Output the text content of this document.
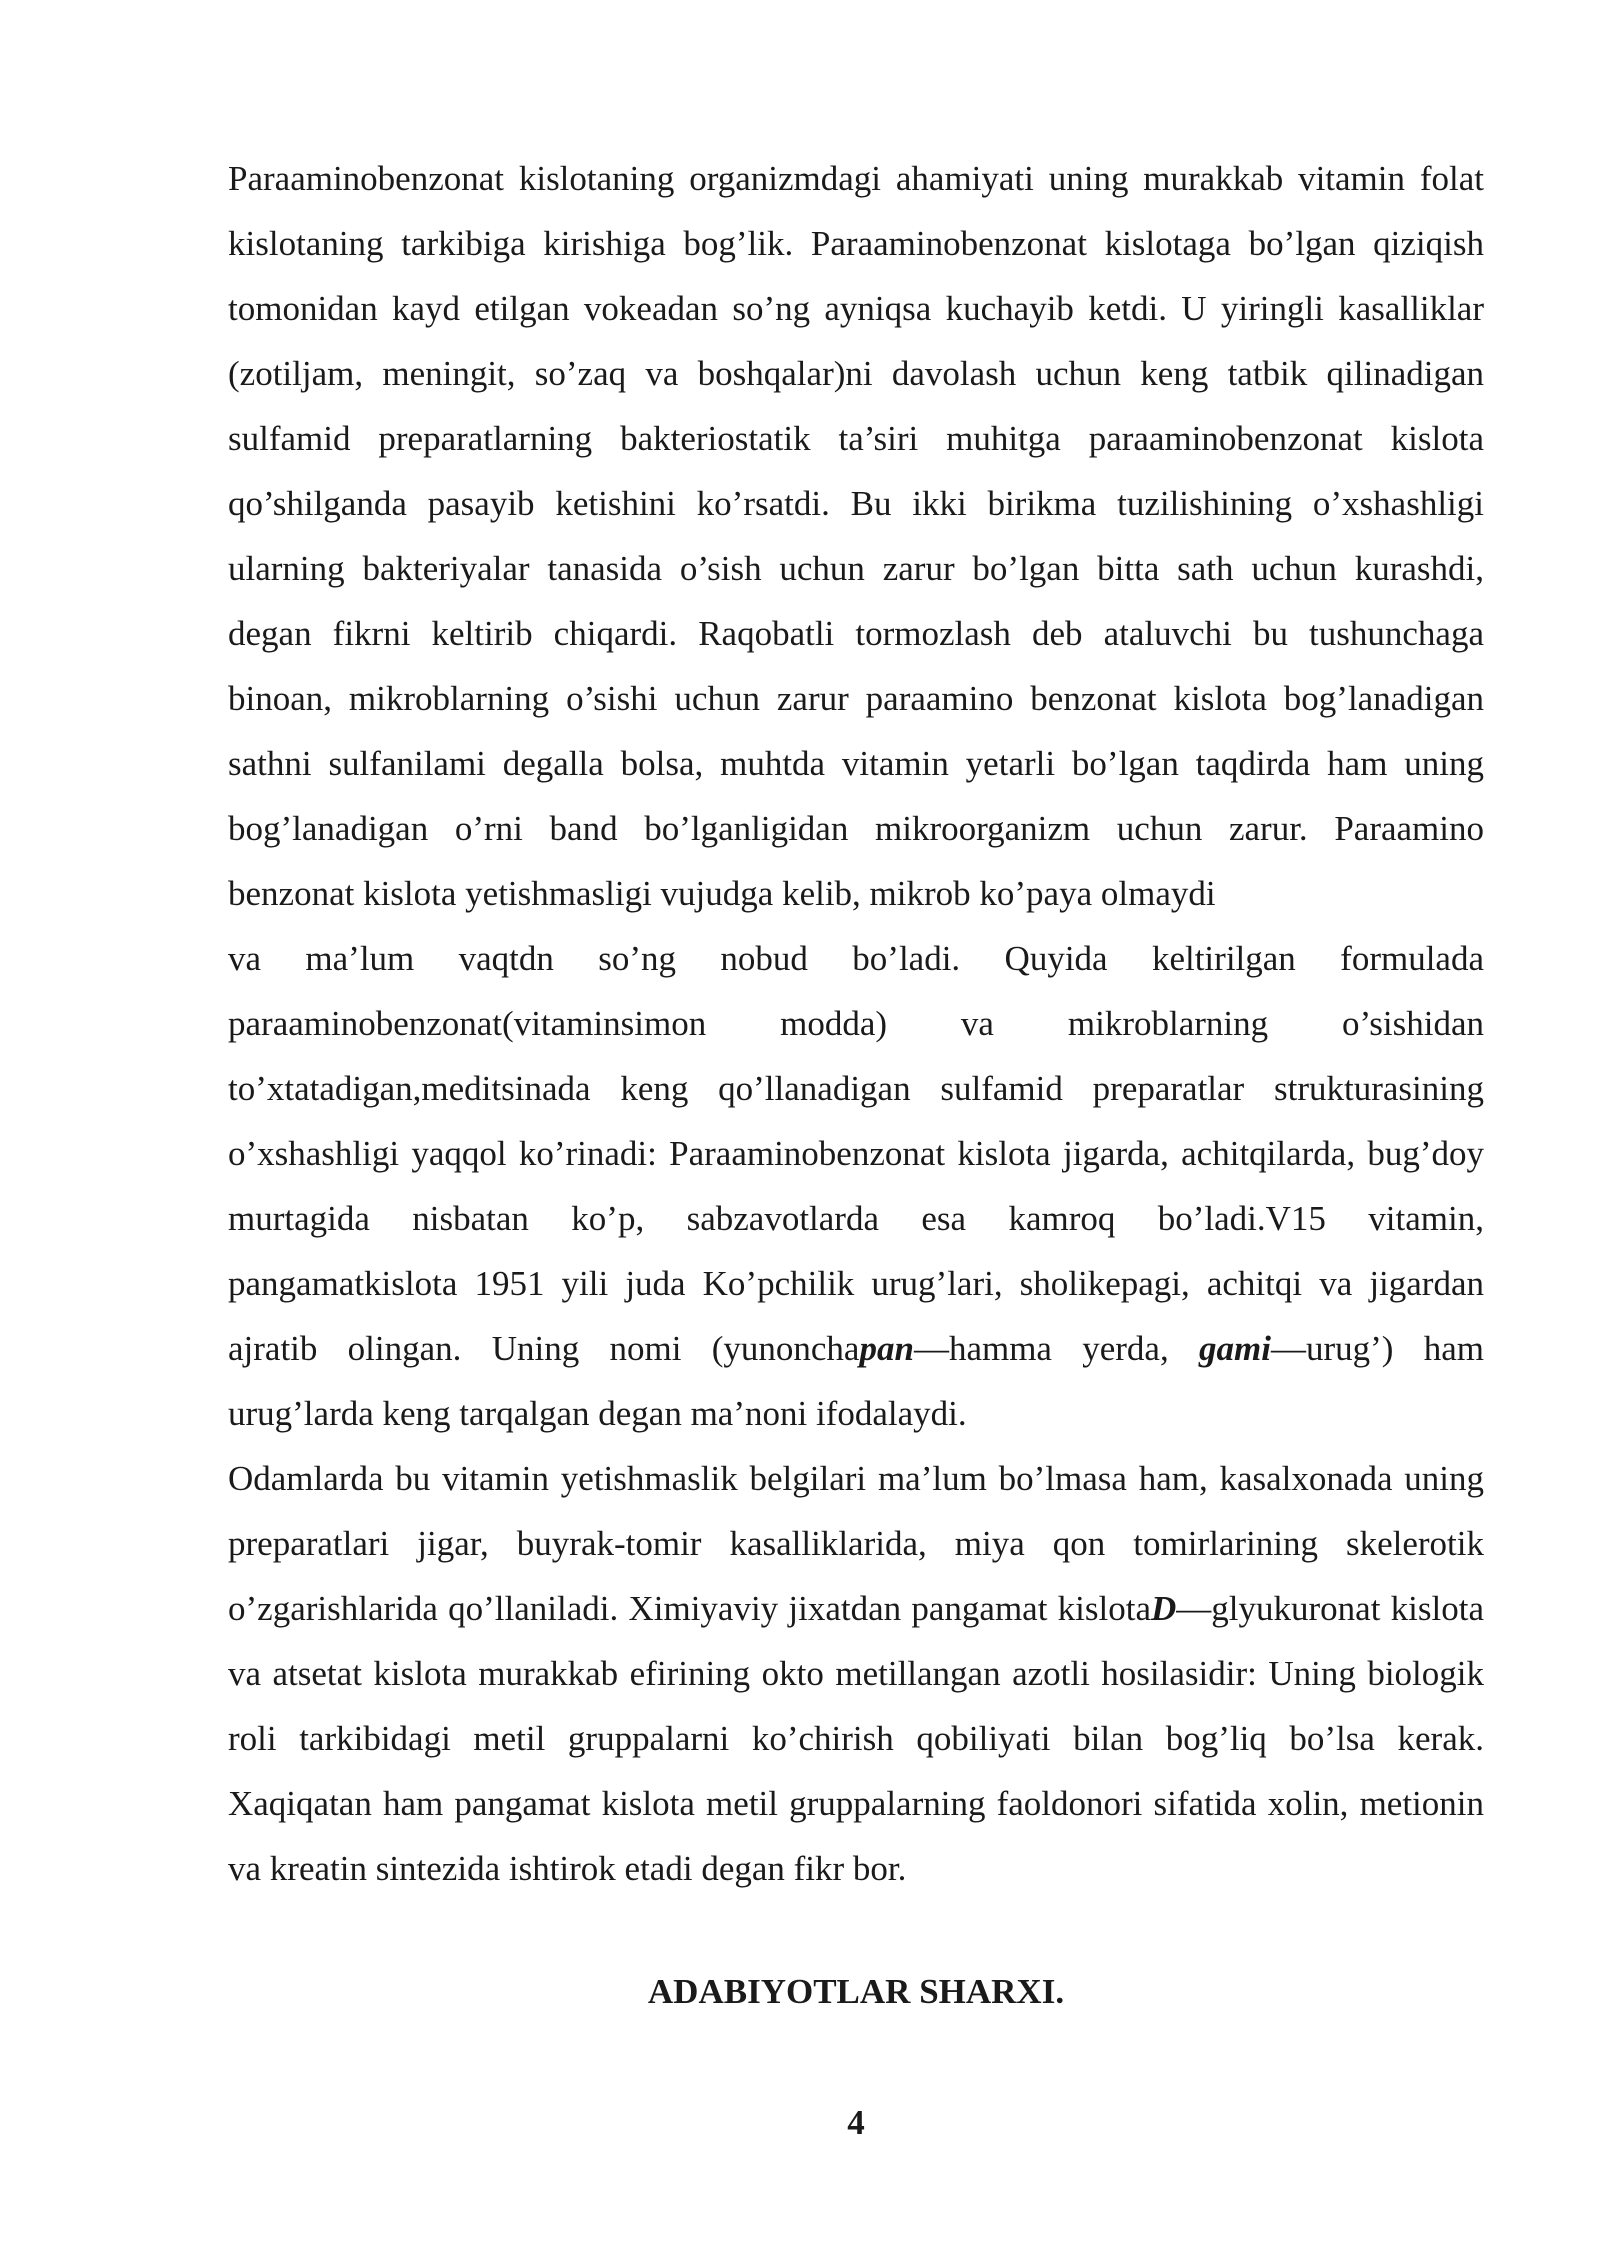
Paraaminobenzonat kislotaning organizmdagi ahamiyati uning murakkab vitamin folat kislotaning tarkibiga kirishiga bog’lik. Paraaminobenzonat kislotaga bo’lgan qiziqish tomonidan kayd etilgan vokeadan so’ng ayniqsa kuchayib ketdi. U yiringli kasalliklar (zotiljam, meningit, so’zaq va boshqalar)ni davolash uchun keng tatbik qilinadigan sulfamid preparatlarning bakteriostatik ta’siri muhitga paraaminobenzonat kislota qo’shilganda pasayib ketishini ko’rsatdi. Bu ikki birikma tuzilishining o’xshashligi ularning bakteriyalar tanasida o’sish uchun zarur bo’lgan bitta sath uchun kurashdi, degan fikrni keltirib chiqardi. Raqobatli tormozlash deb ataluvchi bu tushunchaga binoan, mikroblarning o’sishi uchun zarur paraamino benzonat kislota bog’lanadigan sathni sulfanilami degalla bolsa, muhtda vitamin yetarli bo’lgan taqdirda ham uning bog’lanadigan o’rni band bo’lganligidan mikroorganizm uchun zarur. Paraamino benzonat kislota yetishmasligi vujudga kelib, mikrob ko’paya olmaydi

va ma’lum vaqtdn so’ng nobud bo’ladi. Quyida keltirilgan formulada paraaminobenzonat(vitaminsimon modda) va mikroblarning o’sishidan to’xtatadigan,meditsinada keng qo’llanadigan sulfamid preparatlar strukturasining o’xshashligi yaqqol ko’rinadi: Paraaminobenzonat kislota jigarda, achitqilarda, bug’doy murtagida nisbatan ko’p, sabzavotlarda esa kamroq bo’ladi.V15 vitamin, pangamatkislota 1951 yili juda Ko’pchilik urug’lari, sholikepagi, achitqi va jigardan ajratib olingan. Uning nomi (yunonchapan—hamma yerda, gami—urug’) ham urug’larda keng tarqalgan degan ma’noni ifodalaydi.

Odamlarda bu vitamin yetishmaslik belgilari ma’lum bo’lmasa ham, kasalxonada uning preparatlari jigar, buyrak-tomir kasalliklarida, miya qon tomirlarining skelerotik o’zgarishlarida qo’llaniladi. Ximiyaviy jixatdan pangamat kislotaD—glyukuronat kislota va atsetat kislota murakkab efirining okto metillangan azotli hosilasidir: Uning biologik roli tarkibidagi metil gruppalarni ko’chirish qobiliyati bilan bog’liq bo’lsa kerak. Xaqiqatan ham pangamat kislota metil gruppalarning faoldonori sifatida xolin, metionin va kreatin sintezida ishtirok etadi degan fikr bor.

ADABIYOTLAR SHARXI.

4
